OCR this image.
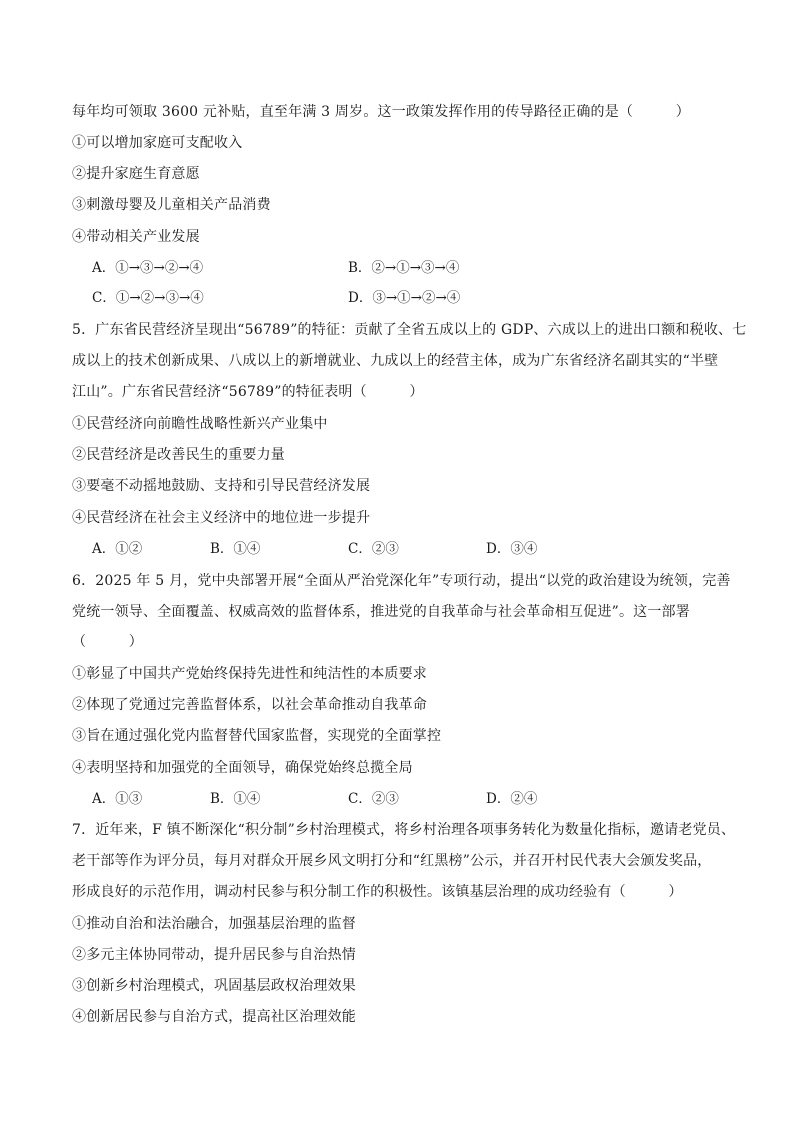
每年均可领取 3600 元补贴，直至年满 3 周岁。这一政策发挥作用的传导路径正确的是（　　　）
①可以增加家庭可支配收入
②提升家庭生育意愿
③刺激母婴及儿童相关产品消费
④带动相关产业发展
A．①→③→②→④	B．②→①→③→④
C．①→②→③→④	D．③→①→②→④
5．广东省民营经济呈现出“56789”的特征：贡献了全省五成以上的 GDP、六成以上的进出口额和税收、七
成以上的技术创新成果、八成以上的新增就业、九成以上的经营主体，成为广东省经济名副其实的“半壁
江山”。广东省民营经济“56789”的特征表明（　　　）
①民营经济向前瞻性战略性新兴产业集中
②民营经济是改善民生的重要力量
③要毫不动摇地鼓励、支持和引导民营经济发展
④民营经济在社会主义经济中的地位进一步提升
A．①②	B．①④	C．②③	D．③④
6．2025 年 5 月，党中央部署开展“全面从严治党深化年”专项行动，提出“以党的政治建设为统领，完善
党统一领导、全面覆盖、权威高效的监督体系，推进党的自我革命与社会革命相互促进”。这一部署
（　　　）
①彰显了中国共产党始终保持先进性和纯洁性的本质要求
②体现了党通过完善监督体系，以社会革命推动自我革命
③旨在通过强化党内监督替代国家监督，实现党的全面掌控
④表明坚持和加强党的全面领导，确保党始终总揽全局
A．①③	B．①④	C．②③	D．②④
7．近年来，F 镇不断深化“积分制”乡村治理模式，将乡村治理各项事务转化为数量化指标，邀请老党员、
老干部等作为评分员，每月对群众开展乡风文明打分和“红黑榜”公示，并召开村民代表大会颁发奖品，
形成良好的示范作用，调动村民参与积分制工作的积极性。该镇基层治理的成功经验有（　　　）
①推动自治和法治融合，加强基层治理的监督
②多元主体协同带动，提升居民参与自治热情
③创新乡村治理模式，巩固基层政权治理效果
④创新居民参与自治方式，提高社区治理效能
